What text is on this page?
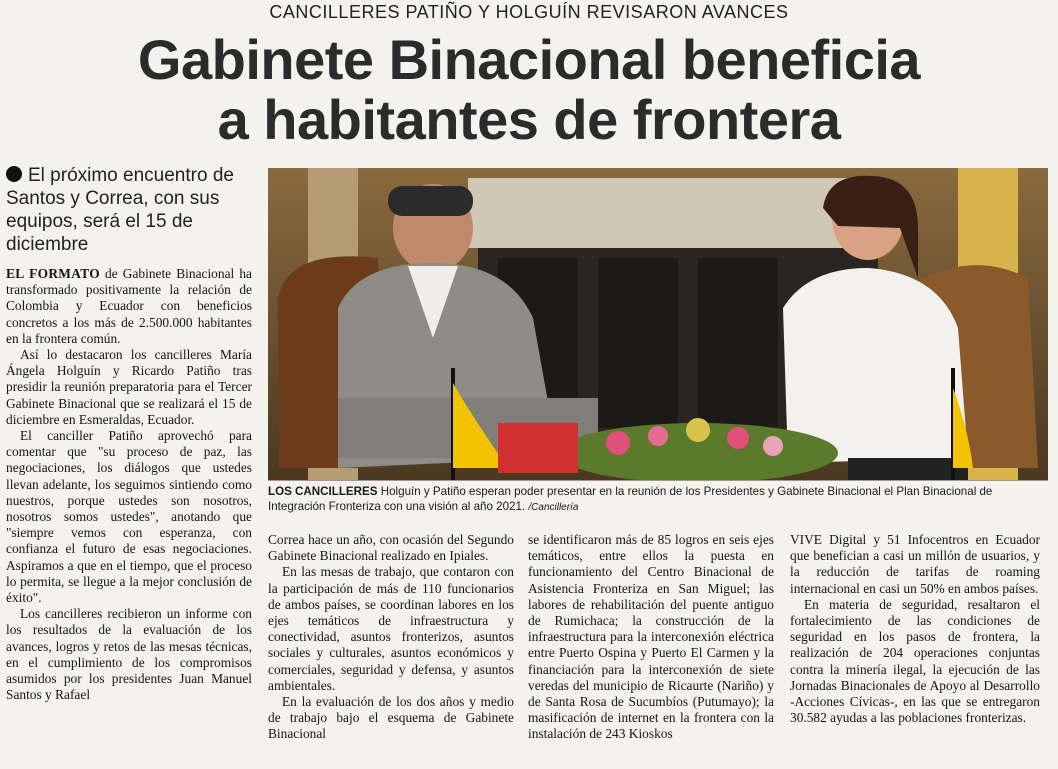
CANCILLERES PATIÑO Y HOLGUÍN REVISARON AVANCES
Gabinete Binacional beneficia
a habitantes de frontera
El próximo encuentro de Santos y Correa, con sus equipos, será el 15 de diciembre

EL FORMATO de Gabinete Binacional ha transformado positivamente la relación de Colombia y Ecuador con beneficios concretos a los más de 2.500.000 habitantes en la frontera común.

Así lo destacaron los cancilleres María Ángela Holguín y Ricardo Patiño tras presidir la reunión preparatoria para el Tercer Gabinete Binacional que se realizará el 15 de diciembre en Esmeraldas, Ecuador.

El canciller Patiño aprovechó para comentar que "su proceso de paz, las negociaciones, los diálogos que ustedes llevan adelante, los seguimos sintiendo como nuestros, porque ustedes son nosotros, nosotros somos ustedes", anotando que "siempre vemos con esperanza, con confianza el futuro de esas negociaciones. Aspiramos a que en el tiempo, que el proceso lo permita, se llegue a la mejor conclusión de éxito".

Los cancilleres recibieron un informe con los resultados de la evaluación de los avances, logros y retos de las mesas técnicas, en el cumplimiento de los compromisos asumidos por los presidentes Juan Manuel Santos y Rafael

LOS CANCILLERES Holguín y Patiño esperan poder presentar en la reunión de los Presidentes y Gabinete Binacional el Plan Binacional de Integración Fronteriza con una visión al año 2021. /Cancillería

Correa hace un año, con ocasión del Segundo Gabinete Binacional realizado en Ipiales.

En las mesas de trabajo, que contaron con la participación de más de 110 funcionarios de ambos países, se coordinan labores en los ejes temáticos de infraestructura y conectividad, asuntos fronterizos, asuntos sociales y culturales, asuntos económicos y comerciales, seguridad y defensa, y asuntos ambientales.

En la evaluación de los dos años y medio de trabajo bajo el esquema de Gabinete Binacional

se identificaron más de 85 logros en seis ejes temáticos, entre ellos la puesta en funcionamiento del Centro Binacional de Asistencia Fronteriza en San Miguel; las labores de rehabilitación del puente antiguo de Rumichaca; la construcción de la infraestructura para la interconexión eléctrica entre Puerto Ospina y Puerto El Carmen y la financiación para la interconexión de siete veredas del municipio de Ricaurte (Nariño) y de Santa Rosa de Sucumbíos (Putumayo); la masificación de internet en la frontera con la instalación de 243 Kioskos

VIVE Digital y 51 Infocentros en Ecuador que benefician a casi un millón de usuarios, y la reducción de tarifas de roaming internacional en casi un 50% en ambos países.

En materia de seguridad, resaltaron el fortalecimiento de las condiciones de seguridad en los pasos de frontera, la realización de 204 operaciones conjuntas contra la minería ilegal, la ejecución de las Jornadas Binacionales de Apoyo al Desarrollo -Acciones Cívicas-, en las que se entregaron 30.582 ayudas a las poblaciones fronterizas.
